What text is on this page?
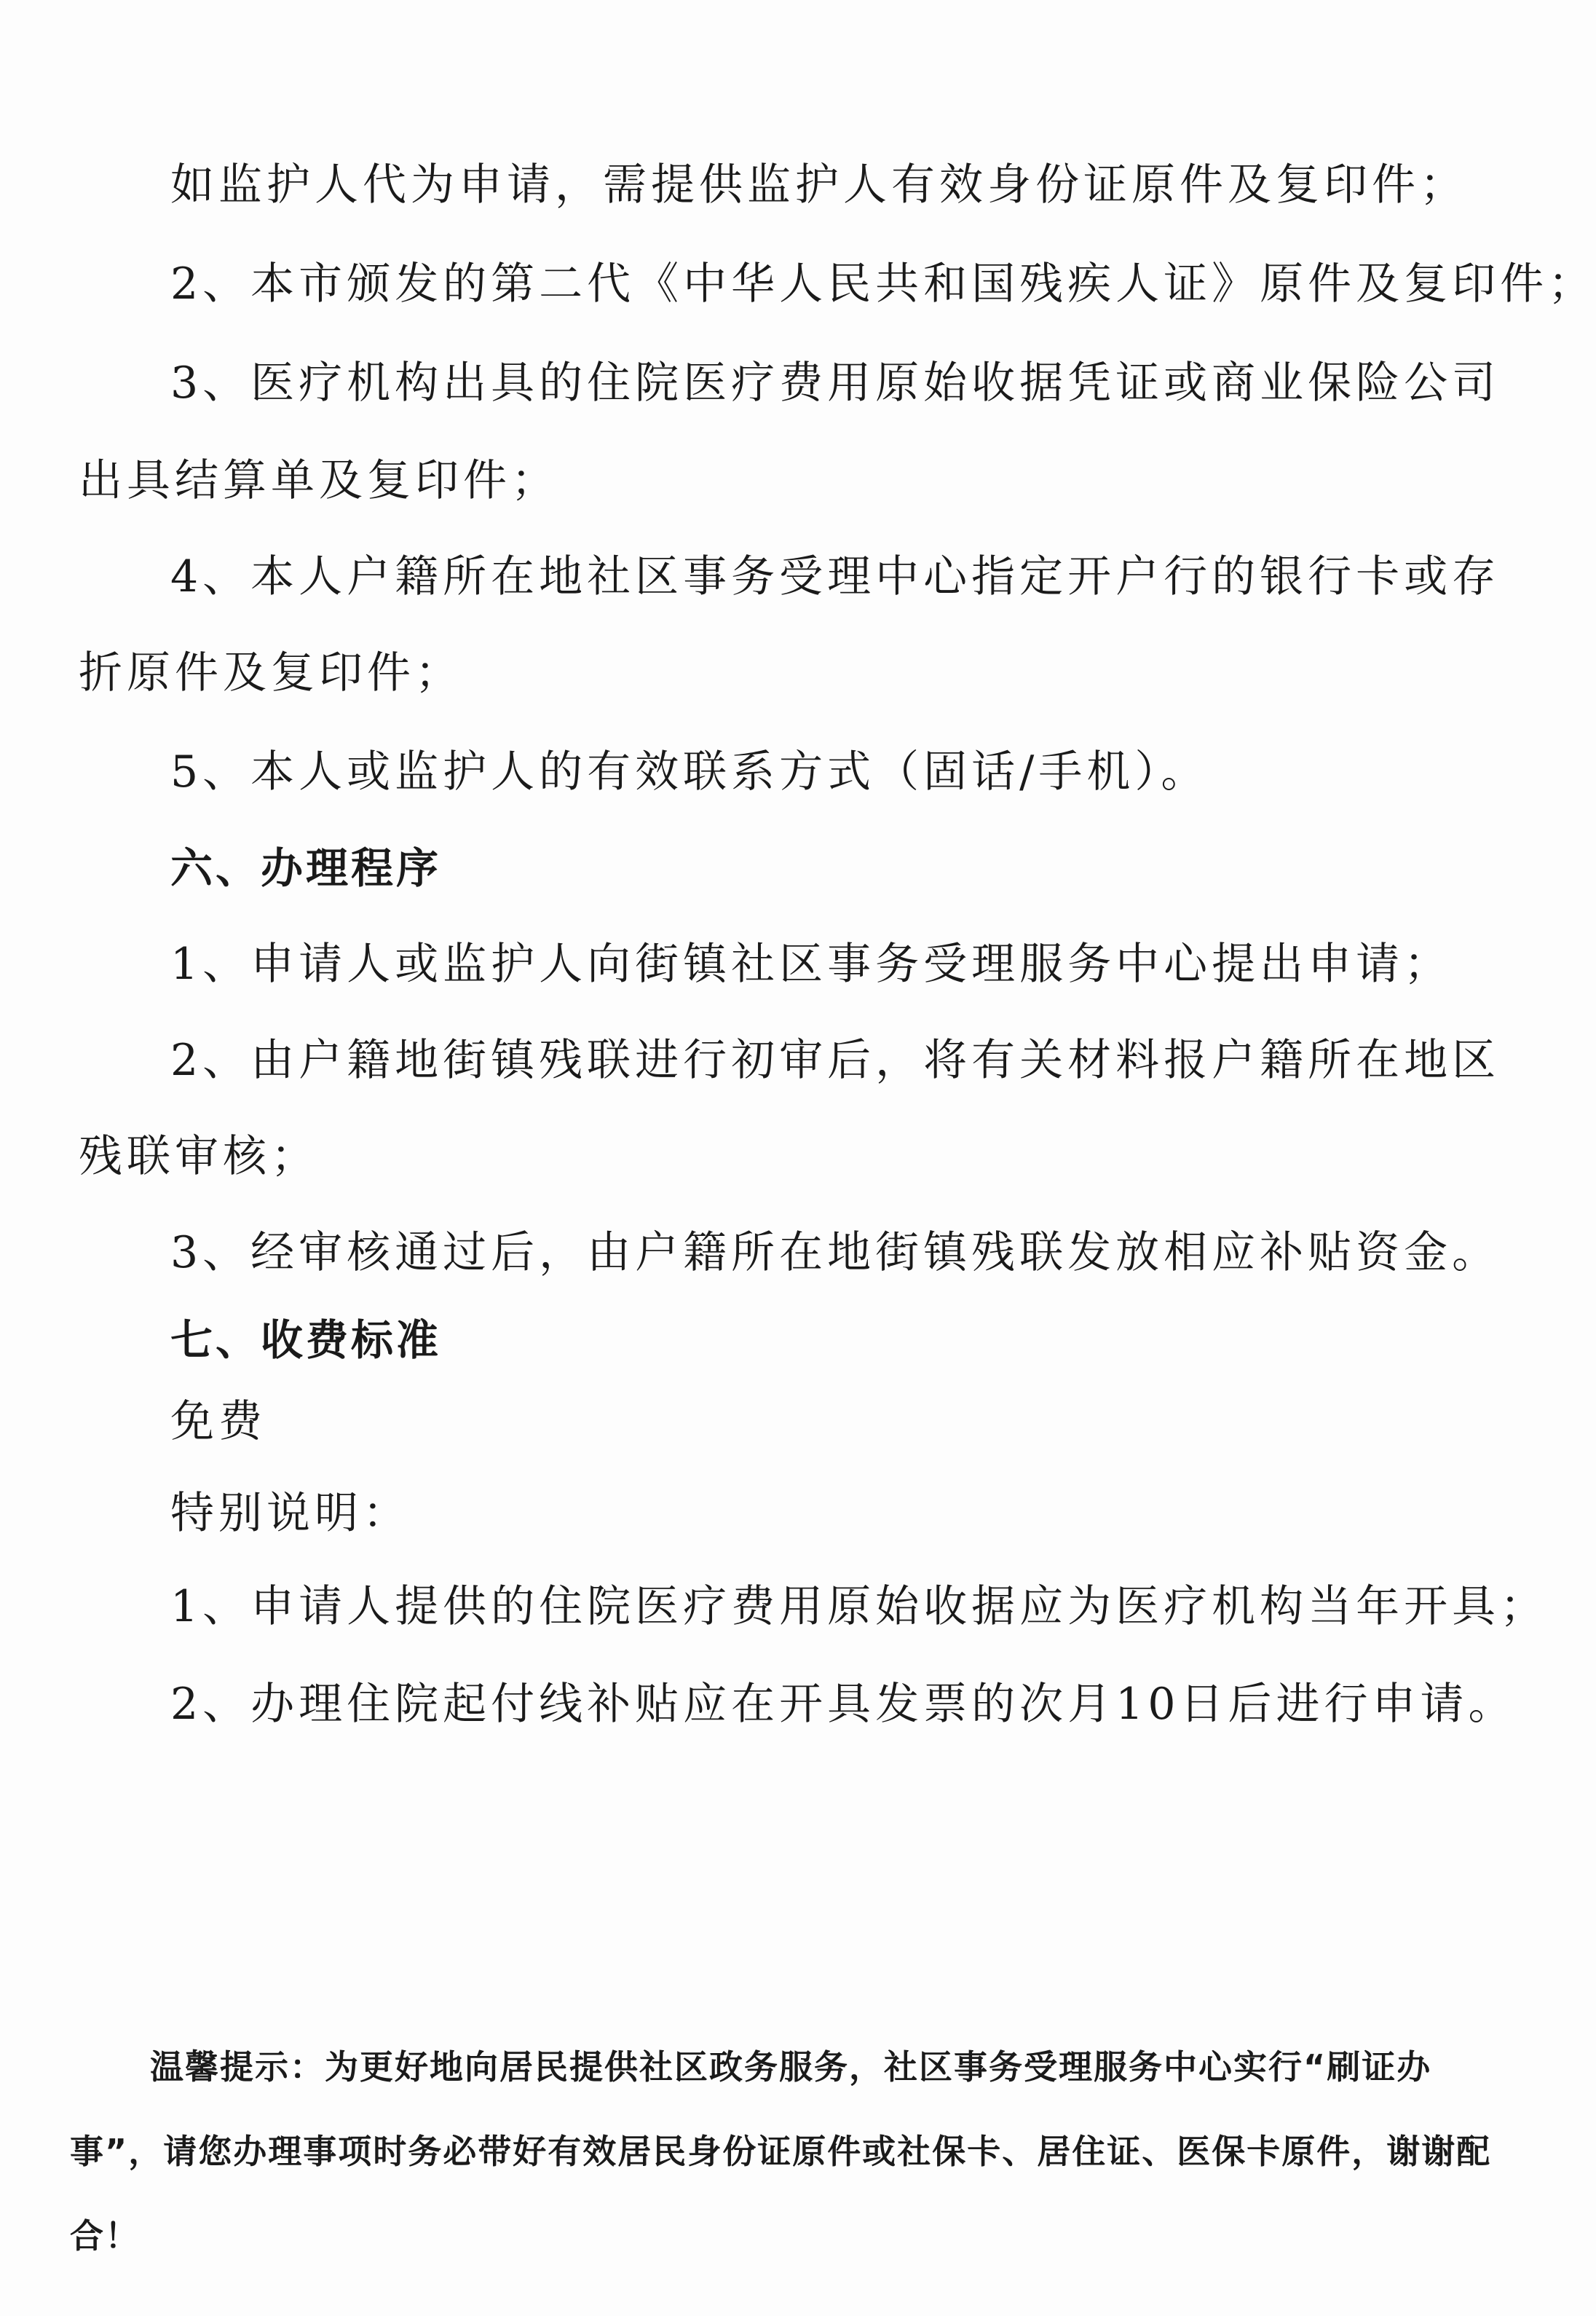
如监护人代为申请，需提供监护人有效身份证原件及复印件；
2、本市颁发的第二代《中华人民共和国残疾人证》原件及复印件；
3、医疗机构出具的住院医疗费用原始收据凭证或商业保险公司
出具结算单及复印件；
4、本人户籍所在地社区事务受理中心指定开户行的银行卡或存
折原件及复印件；
5、本人或监护人的有效联系方式（固话/手机）。
六、办理程序
1、申请人或监护人向街镇社区事务受理服务中心提出申请；
2、由户籍地街镇残联进行初审后，将有关材料报户籍所在地区
残联审核；
3、经审核通过后，由户籍所在地街镇残联发放相应补贴资金。
七、收费标准
免费
特别说明：
1、申请人提供的住院医疗费用原始收据应为医疗机构当年开具；
2、办理住院起付线补贴应在开具发票的次月10日后进行申请。
温馨提示：为更好地向居民提供社区政务服务，社区事务受理服务中心实行“刷证办事”，请您办理事项时务必带好有效居民身份证原件或社保卡、居住证、医保卡原件，谢谢配合！
